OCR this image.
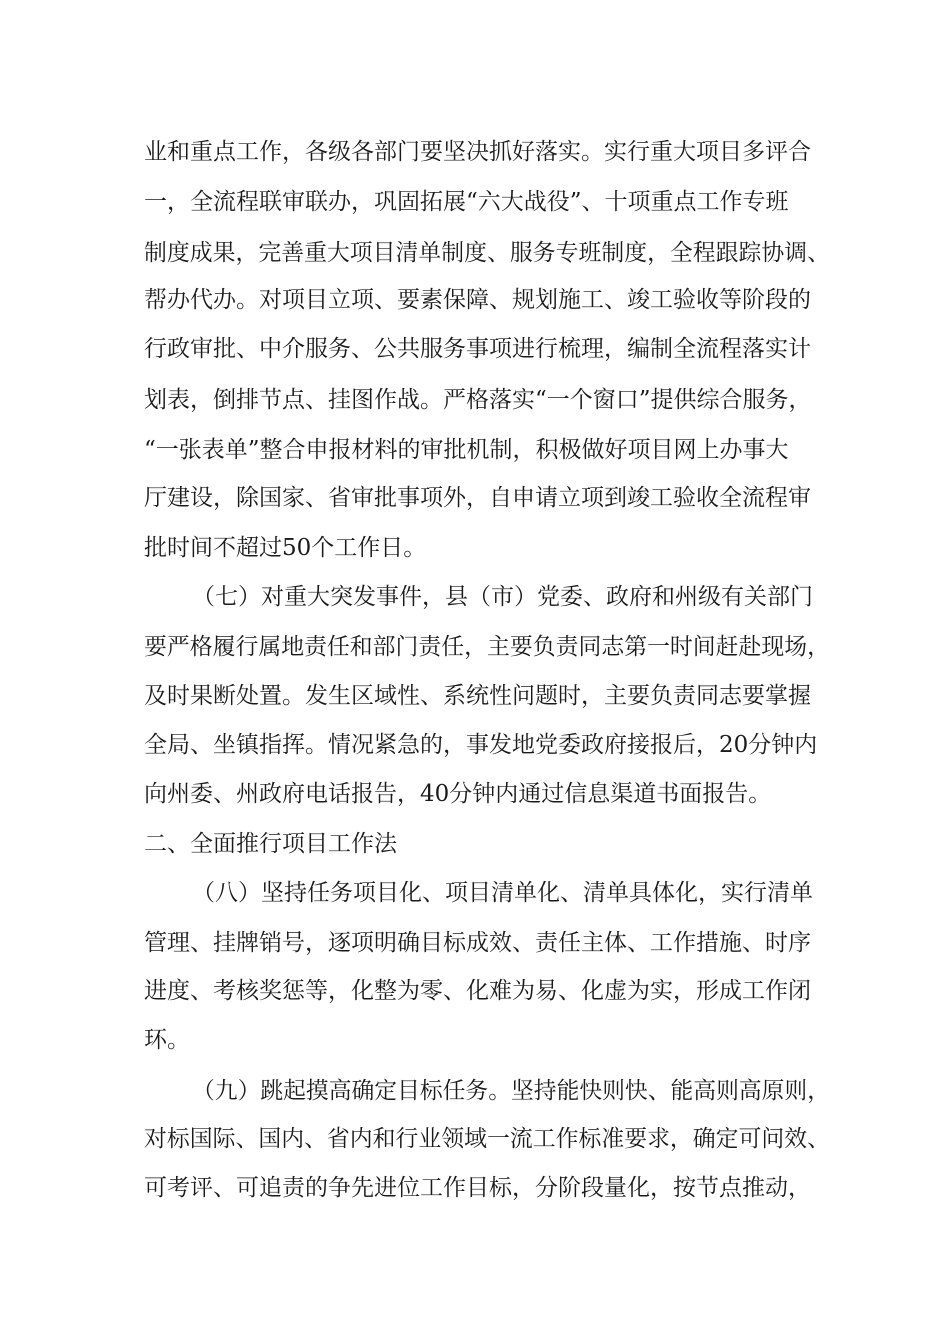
业和重点工作，各级各部门要坚决抓好落实。实行重大项目多评合
一，全流程联审联办，巩固拓展“六大战役”、十项重点工作专班
制度成果，完善重大项目清单制度、服务专班制度，全程跟踪协调、
帮办代办。对项目立项、要素保障、规划施工、竣工验收等阶段的
行政审批、中介服务、公共服务事项进行梳理，编制全流程落实计
划表，倒排节点、挂图作战。严格落实“一个窗口”提供综合服务，
“一张表单”整合申报材料的审批机制，积极做好项目网上办事大
厅建设，除国家、省审批事项外，自申请立项到竣工验收全流程审
批时间不超过50个工作日。
（七）对重大突发事件，县（市）党委、政府和州级有关部门
要严格履行属地责任和部门责任，主要负责同志第一时间赶赴现场，
及时果断处置。发生区域性、系统性问题时，主要负责同志要掌握
全局、坐镇指挥。情况紧急的，事发地党委政府接报后，20分钟内
向州委、州政府电话报告，40分钟内通过信息渠道书面报告。
二、全面推行项目工作法
（八）坚持任务项目化、项目清单化、清单具体化，实行清单
管理、挂牌销号，逐项明确目标成效、责任主体、工作措施、时序
进度、考核奖惩等，化整为零、化难为易、化虚为实，形成工作闭
环。
（九）跳起摸高确定目标任务。坚持能快则快、能高则高原则，
对标国际、国内、省内和行业领域一流工作标准要求，确定可问效、
可考评、可追责的争先进位工作目标，分阶段量化，按节点推动，
